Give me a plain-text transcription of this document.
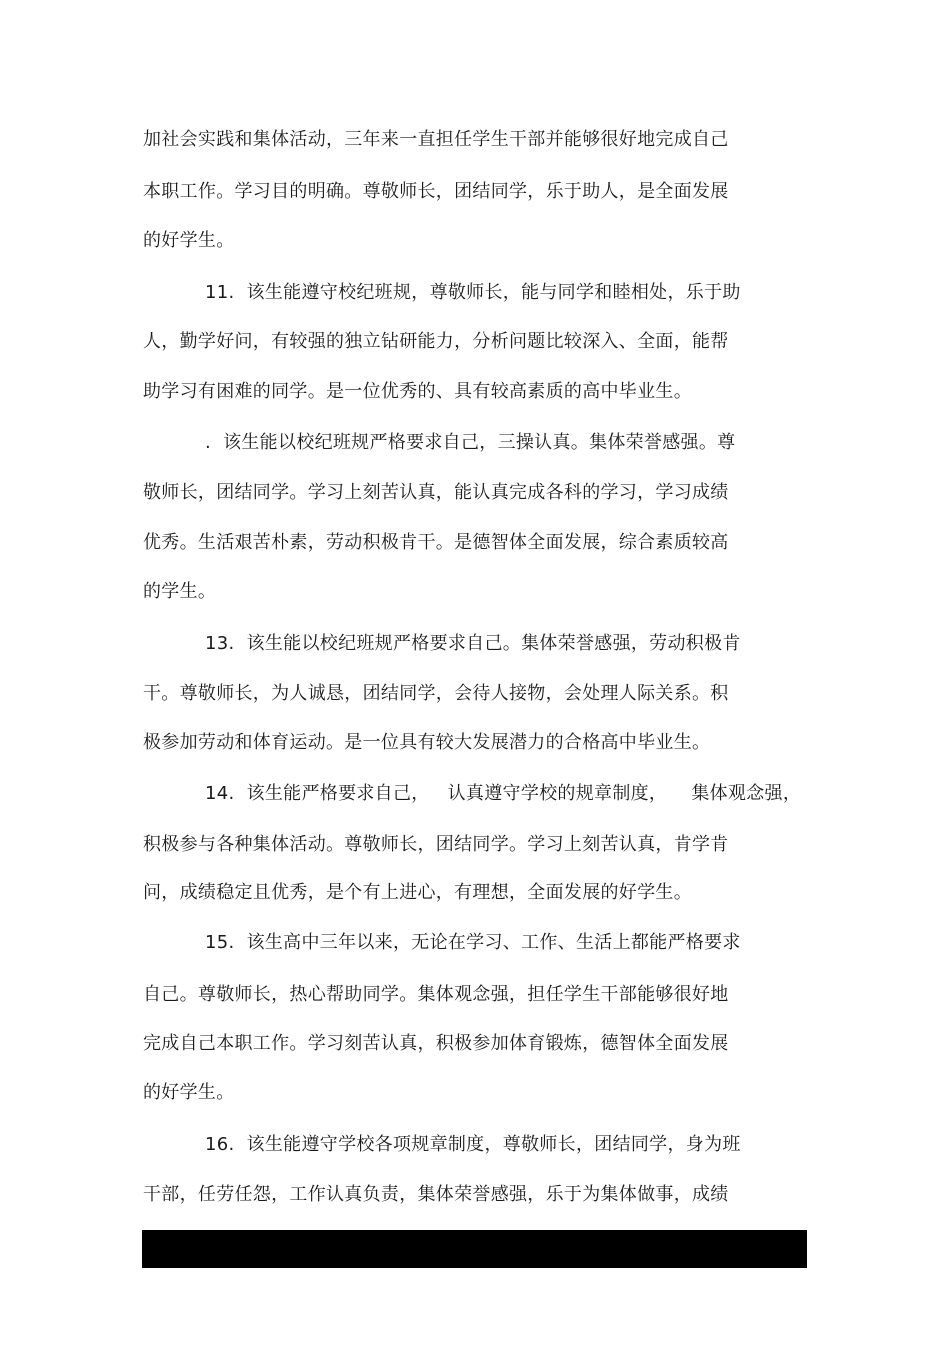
加社会实践和集体活动，三年来一直担任学生干部并能够很好地完成自己
本职工作。学习目的明确。尊敬师长，团结同学，乐于助人，是全面发展
的好学生。
11.  该生能遵守校纪班规，尊敬师长，能与同学和睦相处，乐于助
人，勤学好问，有较强的独立钻研能力，分析问题比较深入、全面，能帮
助学习有困难的同学。是一位优秀的、具有较高素质的高中毕业生。
.  该生能以校纪班规严格要求自己，三操认真。集体荣誉感强。尊
敬师长，团结同学。学习上刻苦认真，能认真完成各科的学习，学习成绩
优秀。生活艰苦朴素，劳动积极肯干。是德智体全面发展，综合素质较高
的学生。
13.  该生能以校纪班规严格要求自己。集体荣誉感强，劳动积极肯
干。尊敬师长，为人诚恳，团结同学，会待人接物，会处理人际关系。积
极参加劳动和体育运动。是一位具有较大发展潜力的合格高中毕业生。
14.  该生能严格要求自己，   认真遵守学校的规章制度，    集体观念强，
积极参与各种集体活动。尊敬师长，团结同学。学习上刻苦认真，肯学肯
问，成绩稳定且优秀，是个有上进心，有理想，全面发展的好学生。
15.  该生高中三年以来，无论在学习、工作、生活上都能严格要求
自己。尊敬师长，热心帮助同学。集体观念强，担任学生干部能够很好地
完成自己本职工作。学习刻苦认真，积极参加体育锻炼，德智体全面发展
的好学生。
16.  该生能遵守学校各项规章制度，尊敬师长，团结同学，身为班
干部，任劳任怨，工作认真负责，集体荣誉感强，乐于为集体做事，成绩
